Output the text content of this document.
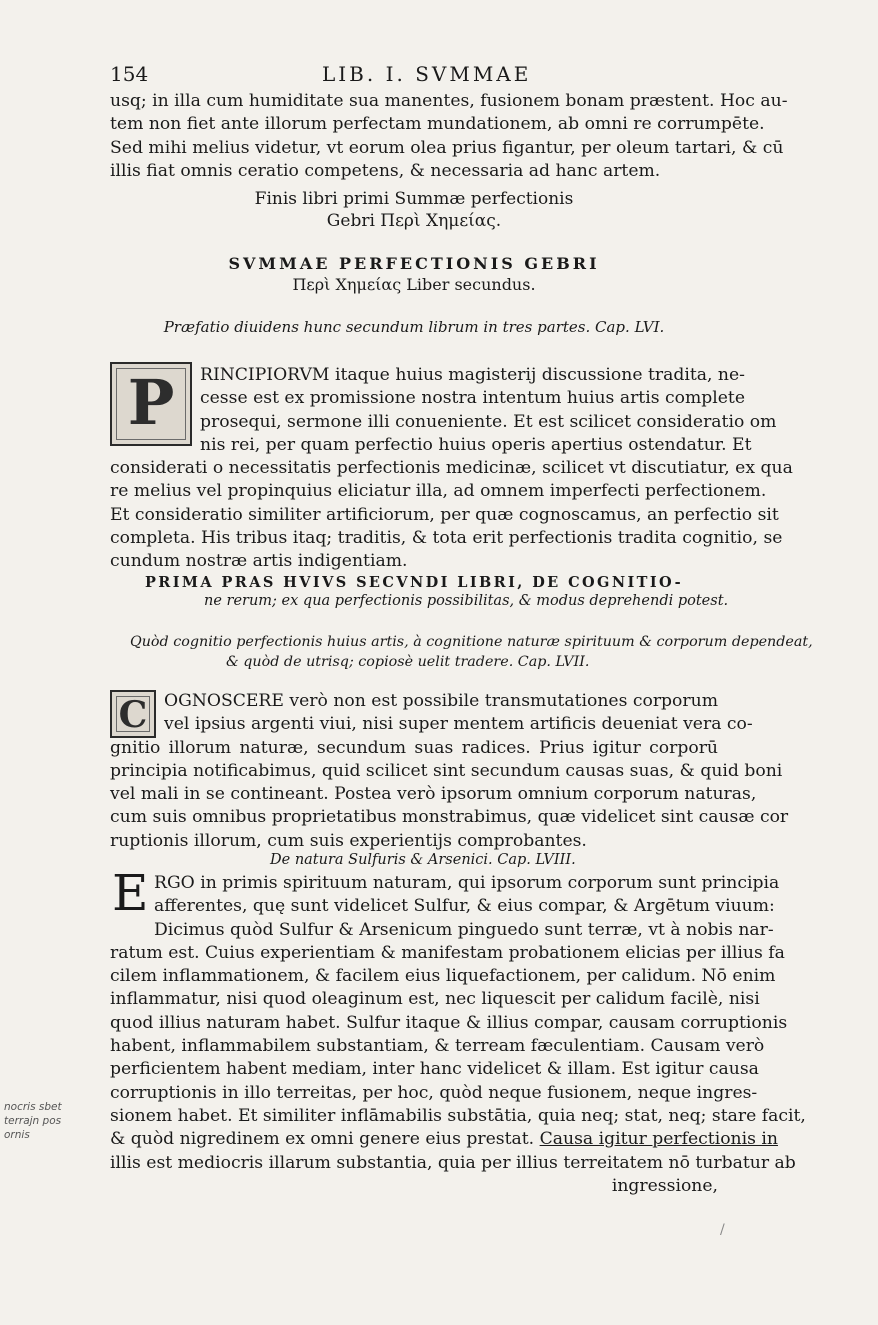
154	LIB. I. SVMMAE
usq; in illa cum humiditate sua manentes, fusionem bonam præstent. Hoc au-
tem non fiet ante illorum perfectam mundationem, ab omni re corrumpēte.
Sed mihi melius videtur, vt eorum olea prius figantur, per oleum tartari, & cū
illis fiat omnis ceratio competens, & necessaria ad hanc artem.
Finis libri primi Summæ perfectionis
Gebri Περὶ Χημείας.
SVMMAE PERFECTIONIS GEBRI
Περὶ Χημείας Liber secundus.
Præfatio diuidens hunc secundum librum in tres partes. Cap. LVI.
P	RINCIPIORVM itaque huius magisterij discussione tradita, ne-
cesse est ex promissione nostra intentum huius artis complete
prosequi, sermone illi conueniente. Et est scilicet consideratio om
nis rei, per quam perfectio huius operis apertius ostendatur. Et
considerati o necessitatis perfectionis medicinæ, scilicet vt discutiatur, ex qua
re melius vel propinquius eliciatur illa, ad omnem imperfecti perfectionem.
Et consideratio similiter artificiorum, per quæ cognoscamus, an perfectio sit
completa. His tribus itaq; traditis, & tota erit perfectionis tradita cognitio, se
cundum nostræ artis indigentiam.
PRIMA PRAS HVIVS SECVNDI LIBRI, DE COGNITIO-
ne rerum; ex qua perfectionis possibilitas, & modus deprehendi potest.
Quòd cognitio perfectionis huius artis, à cognitione naturæ spirituum & corporum dependeat,
& quòd de utrisq; copiosè uelit tradere. Cap. LVII.
C OGNOSCERE verò non est possibile transmutationes corporum
vel ipsius argenti viui, nisi super mentem artificis deueniat vera co-
gnitio illorum naturæ, secundum suas radices. Prius igitur corporū
principia notificabimus, quid scilicet sint secundum causas suas, & quid boni
vel mali in se contineant. Postea verò ipsorum omnium corporum naturas,
cum suis omnibus proprietatibus monstrabimus, quæ videlicet sint causæ cor
ruptionis illorum, cum suis experientijs comprobantes.
De natura Sulfuris & Arsenici. Cap. LVIII.
E RGO in primis spirituum naturam, qui ipsorum corporum sunt principia
afferentes, quę sunt videlicet Sulfur, & eius compar, & Argētum viuum:
Dicimus quòd Sulfur & Arsenicum pinguedo sunt terræ, vt à nobis nar-
ratum est. Cuius experientiam & manifestam probationem elicias per illius fa
cilem inflammationem, & facilem eius liquefactionem, per calidum. Nō enim
inflammatur, nisi quod oleaginum est, nec liquescit per calidum facilè, nisi
quod illius naturam habet. Sulfur itaque & illius compar, causam corruptionis
habent, inflammabilem substantiam, & terream fæculentiam. Causam verò
perficientem habent mediam, inter hanc videlicet & illam. Est igitur causa
corruptionis in illo terreitas, per hoc, quòd neque fusionem, neque ingres-
sionem habet. Et similiter inflāmabilis substātia, quia neq; stat, neq; stare facit,
& quòd nigredinem ex omni genere eius prestat. Causa igitur perfectionis in
illis est mediocris illarum substantia, quia per illius terreitatem nō turbatur ab
ingressione,
nocris sbet
terrajn pos
ornis
/
